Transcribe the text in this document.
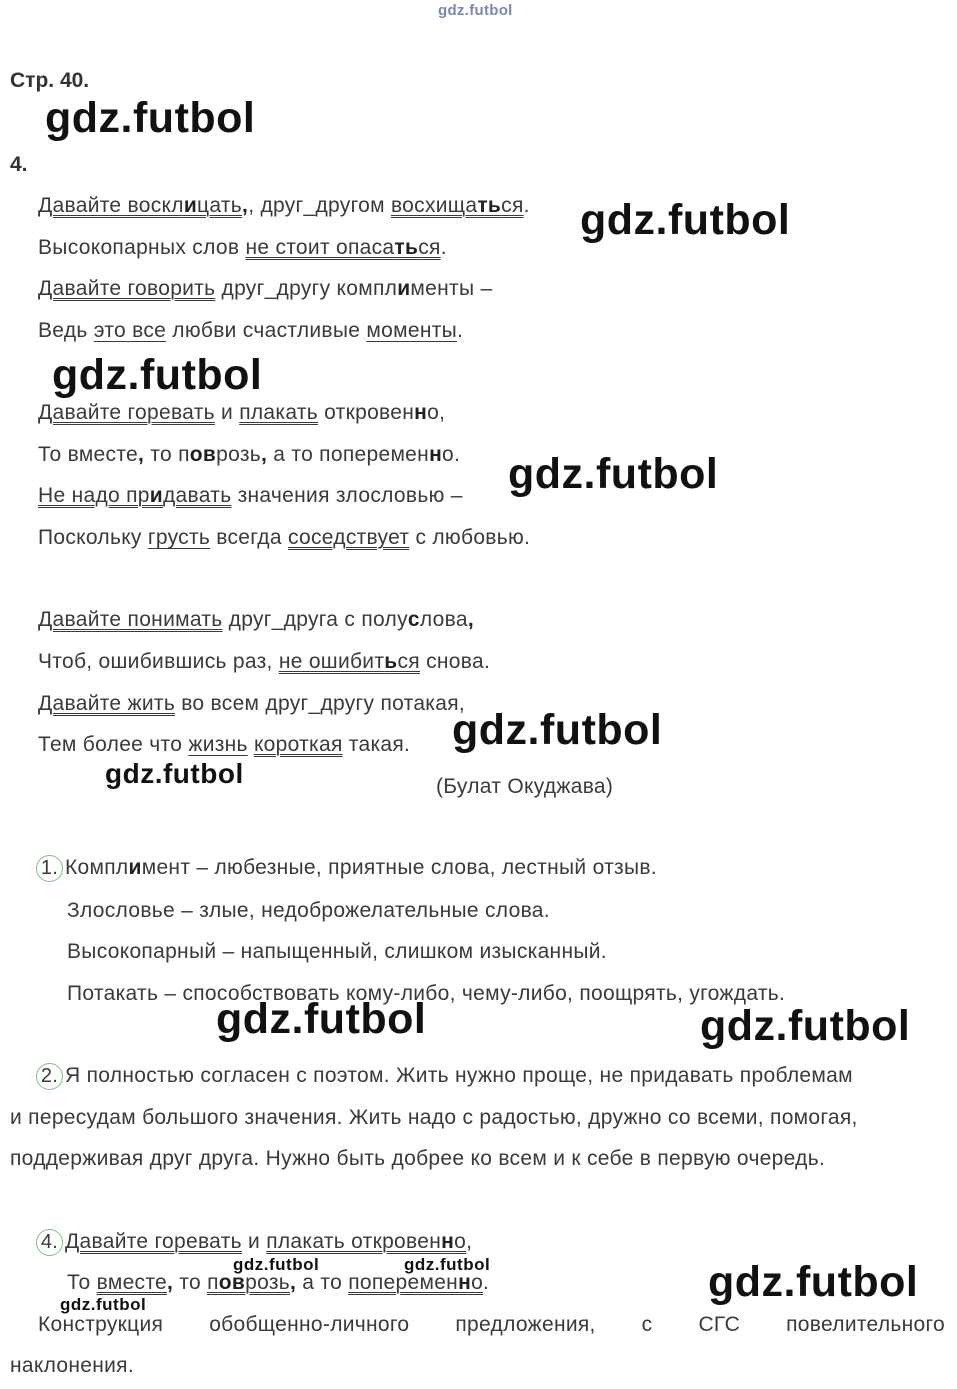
gdz.futbol
Стр. 40.
gdz.futbol
4.
Давайте восклицать,, друг_другом восхищаться. gdz.futbol
Высокопарных слов не стоит опасаться.
Давайте говорить друг_другу комплименты –
Ведь это все любви счастливые моменты.
gdz.futbol
Давайте горевать и плакать откровенно,
То вместе, то поврозь, а то попеременно. gdz.futbol
Не надо придавать значения злословью –
Поскольку грусть всегда соседствует с любовью.
Давайте понимать друг_друга с полуслова,
Чтоб, ошибившись раз, не ошибиться снова.
Давайте жить во всем друг_другу потакая,
Тем более что жизнь короткая такая. gdz.futbol
gdz.futbol	(Булат Окуджава)
1. Комплимент – любезные, приятные слова, лестный отзыв.
Злословье – злые, недоброжелательные слова.
Высокопарный – напыщенный, слишком изысканный.
Потакать – способствовать кому-либо, чему-либо, поощрять, угождать.
gdz.futbol	gdz.futbol
2. Я полностью согласен с поэтом. Жить нужно проще, не придавать проблемам
и пересудам большого значения. Жить надо с радостью, дружно со всеми, помогая,
поддерживая друг друга. Нужно быть добрее ко всем и к себе в первую очередь.
4. Давайте горевать и плакать откровенно,
gdz.futbol	gdz.futbol
То вместе, то поврозь, а то попеременно.	gdz.futbol
gdz.futbol
Конструкция обобщенно-личного предложения, с СГС повелительного
наклонения.
